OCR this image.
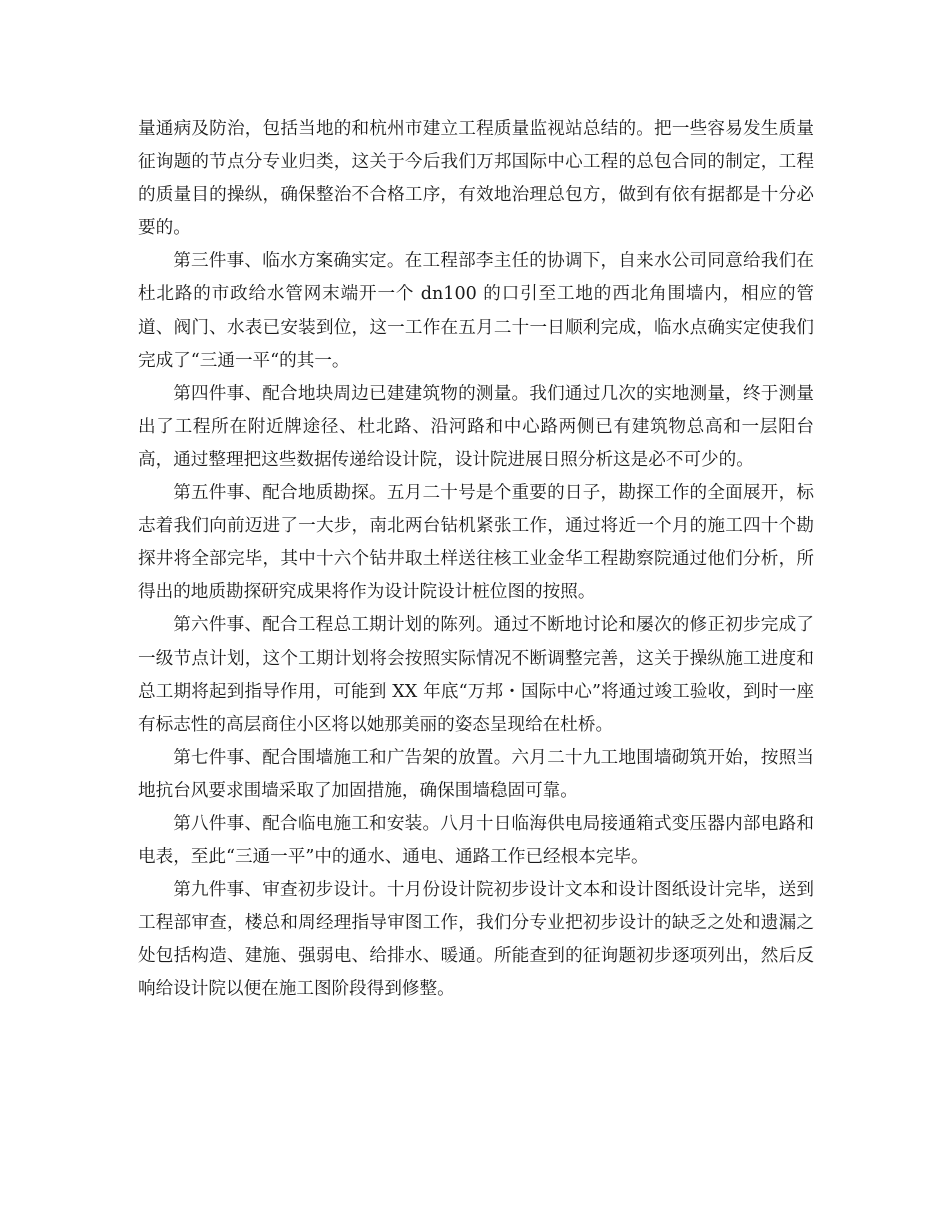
量通病及防治，包括当地的和杭州市建立工程质量监视站总结的。把一些容易发生质量征询题的节点分专业归类，这关于今后我们万邦国际中心工程的总包合同的制定，工程的质量目的操纵，确保整治不合格工序，有效地治理总包方，做到有依有据都是十分必要的。

第三件事、临水方案确实定。在工程部李主任的协调下，自来水公司同意给我们在杜北路的市政给水管网末端开一个 dn100 的口引至工地的西北角围墙内，相应的管道、阀门、水表已安装到位，这一工作在五月二十一日顺利完成，临水点确实定使我们完成了“三通一平“的其一。

第四件事、配合地块周边已建建筑物的测量。我们通过几次的实地测量，终于测量出了工程所在附近牌途径、杜北路、沿河路和中心路两侧已有建筑物总高和一层阳台高，通过整理把这些数据传递给设计院，设计院进展日照分析这是必不可少的。

第五件事、配合地质勘探。五月二十号是个重要的日子，勘探工作的全面展开，标志着我们向前迈进了一大步，南北两台钻机紧张工作，通过将近一个月的施工四十个勘探井将全部完毕，其中十六个钻井取土样送往核工业金华工程勘察院通过他们分析，所得出的地质勘探研究成果将作为设计院设计桩位图的按照。

第六件事、配合工程总工期计划的陈列。通过不断地讨论和屡次的修正初步完成了一级节点计划，这个工期计划将会按照实际情况不断调整完善，这关于操纵施工进度和总工期将起到指导作用，可能到 XX 年底“万邦・国际中心”将通过竣工验收，到时一座有标志性的高层商住小区将以她那美丽的姿态呈现给在杜桥。

第七件事、配合围墙施工和广告架的放置。六月二十九工地围墙砌筑开始，按照当地抗台风要求围墙采取了加固措施，确保围墙稳固可靠。

第八件事、配合临电施工和安装。八月十日临海供电局接通箱式变压器内部电路和电表，至此“三通一平”中的通水、通电、通路工作已经根本完毕。

第九件事、审查初步设计。十月份设计院初步设计文本和设计图纸设计完毕，送到工程部审查，楼总和周经理指导审图工作，我们分专业把初步设计的缺乏之处和遗漏之处包括构造、建施、强弱电、给排水、暖通。所能查到的征询题初步逐项列出，然后反响给设计院以便在施工图阶段得到修整。
